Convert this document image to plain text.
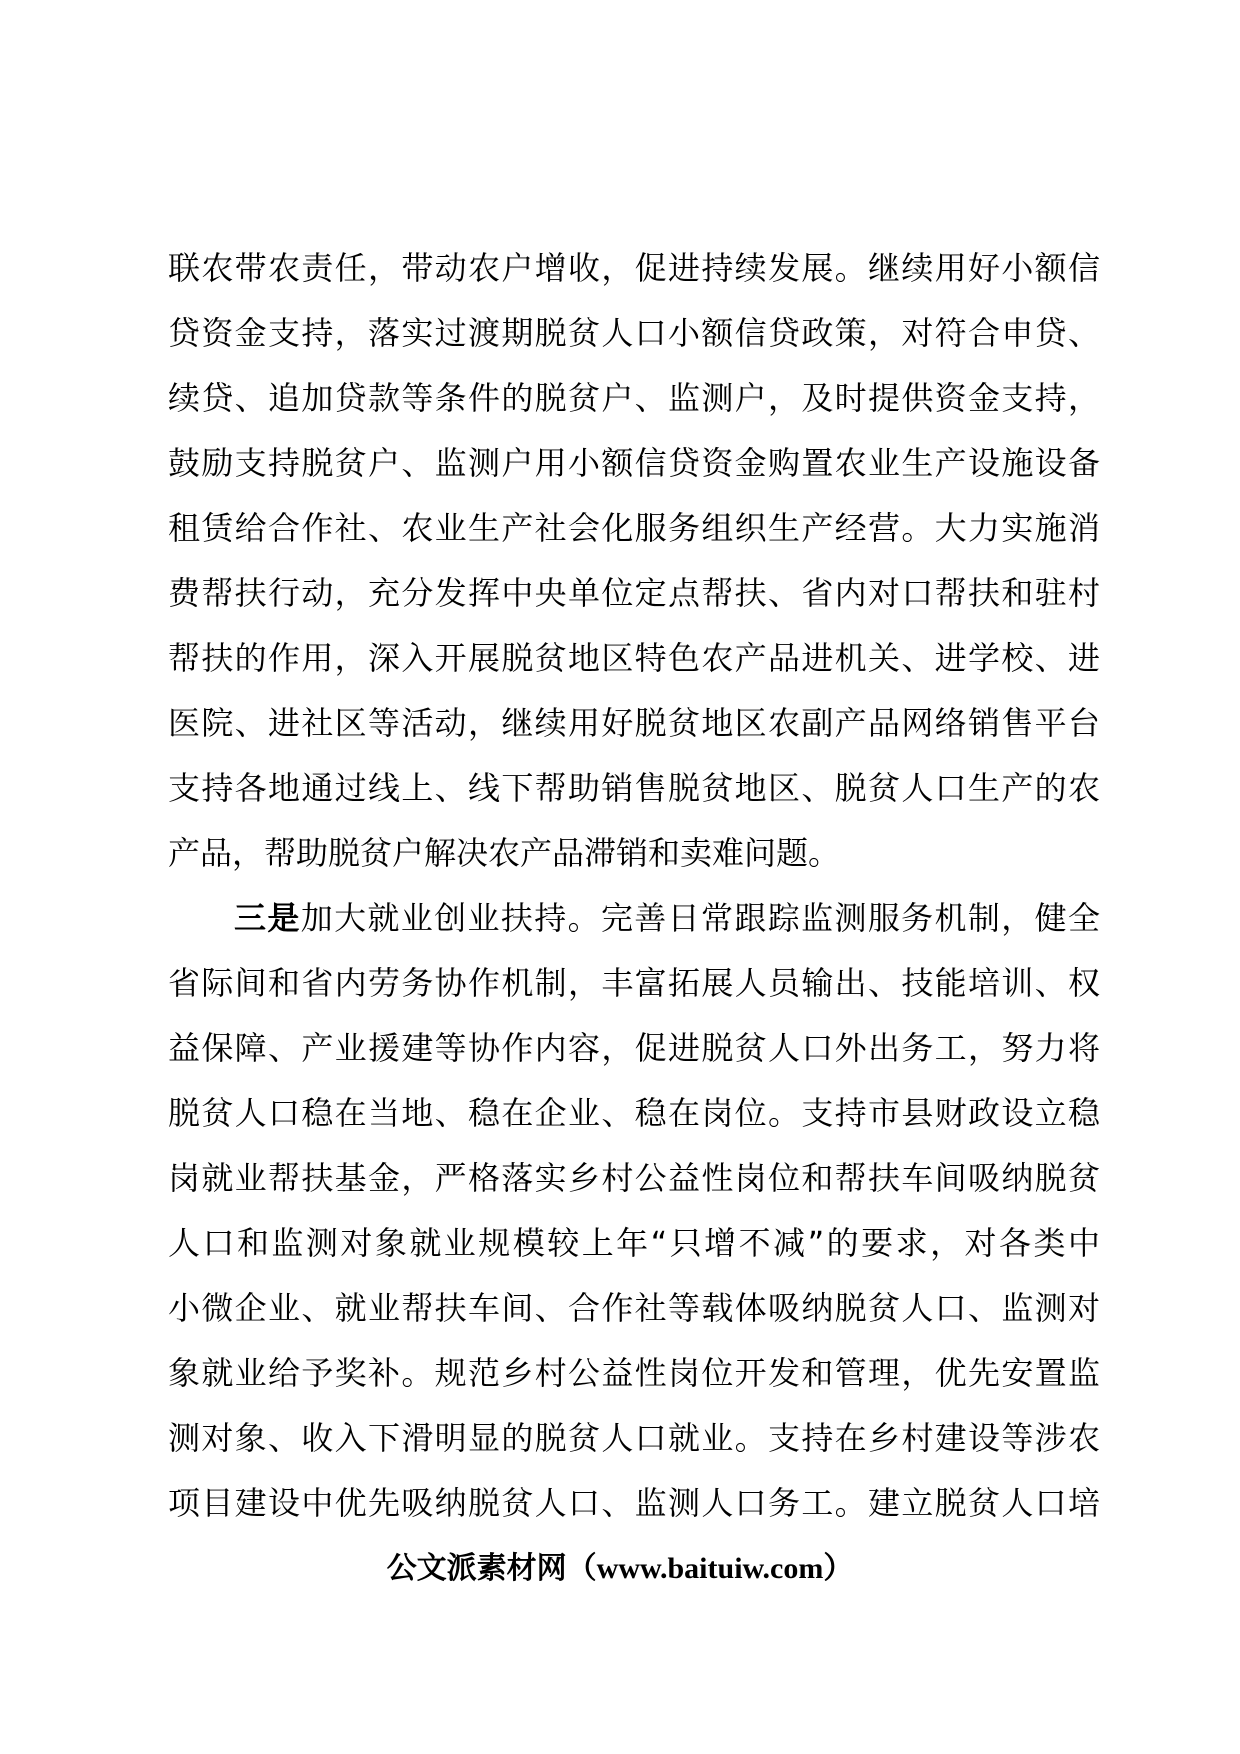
联农带农责任，带动农户增收，促进持续发展。继续用好小额信
贷资金支持，落实过渡期脱贫人口小额信贷政策，对符合申贷、
续贷、追加贷款等条件的脱贫户、监测户，及时提供资金支持，
鼓励支持脱贫户、监测户用小额信贷资金购置农业生产设施设备
租赁给合作社、农业生产社会化服务组织生产经营。大力实施消
费帮扶行动，充分发挥中央单位定点帮扶、省内对口帮扶和驻村
帮扶的作用，深入开展脱贫地区特色农产品进机关、进学校、进
医院、进社区等活动，继续用好脱贫地区农副产品网络销售平台
支持各地通过线上、线下帮助销售脱贫地区、脱贫人口生产的农
产品，帮助脱贫户解决农产品滞销和卖难问题。
三是加大就业创业扶持。完善日常跟踪监测服务机制，健全
省际间和省内劳务协作机制，丰富拓展人员输出、技能培训、权
益保障、产业援建等协作内容，促进脱贫人口外出务工，努力将
脱贫人口稳在当地、稳在企业、稳在岗位。支持市县财政设立稳
岗就业帮扶基金，严格落实乡村公益性岗位和帮扶车间吸纳脱贫
人口和监测对象就业规模较上年“只增不减”的要求，对各类中
小微企业、就业帮扶车间、合作社等载体吸纳脱贫人口、监测对
象就业给予奖补。规范乡村公益性岗位开发和管理，优先安置监
测对象、收入下滑明显的脱贫人口就业。支持在乡村建设等涉农
项目建设中优先吸纳脱贫人口、监测人口务工。建立脱贫人口培
公文派素材网（www.baituiw.com）
